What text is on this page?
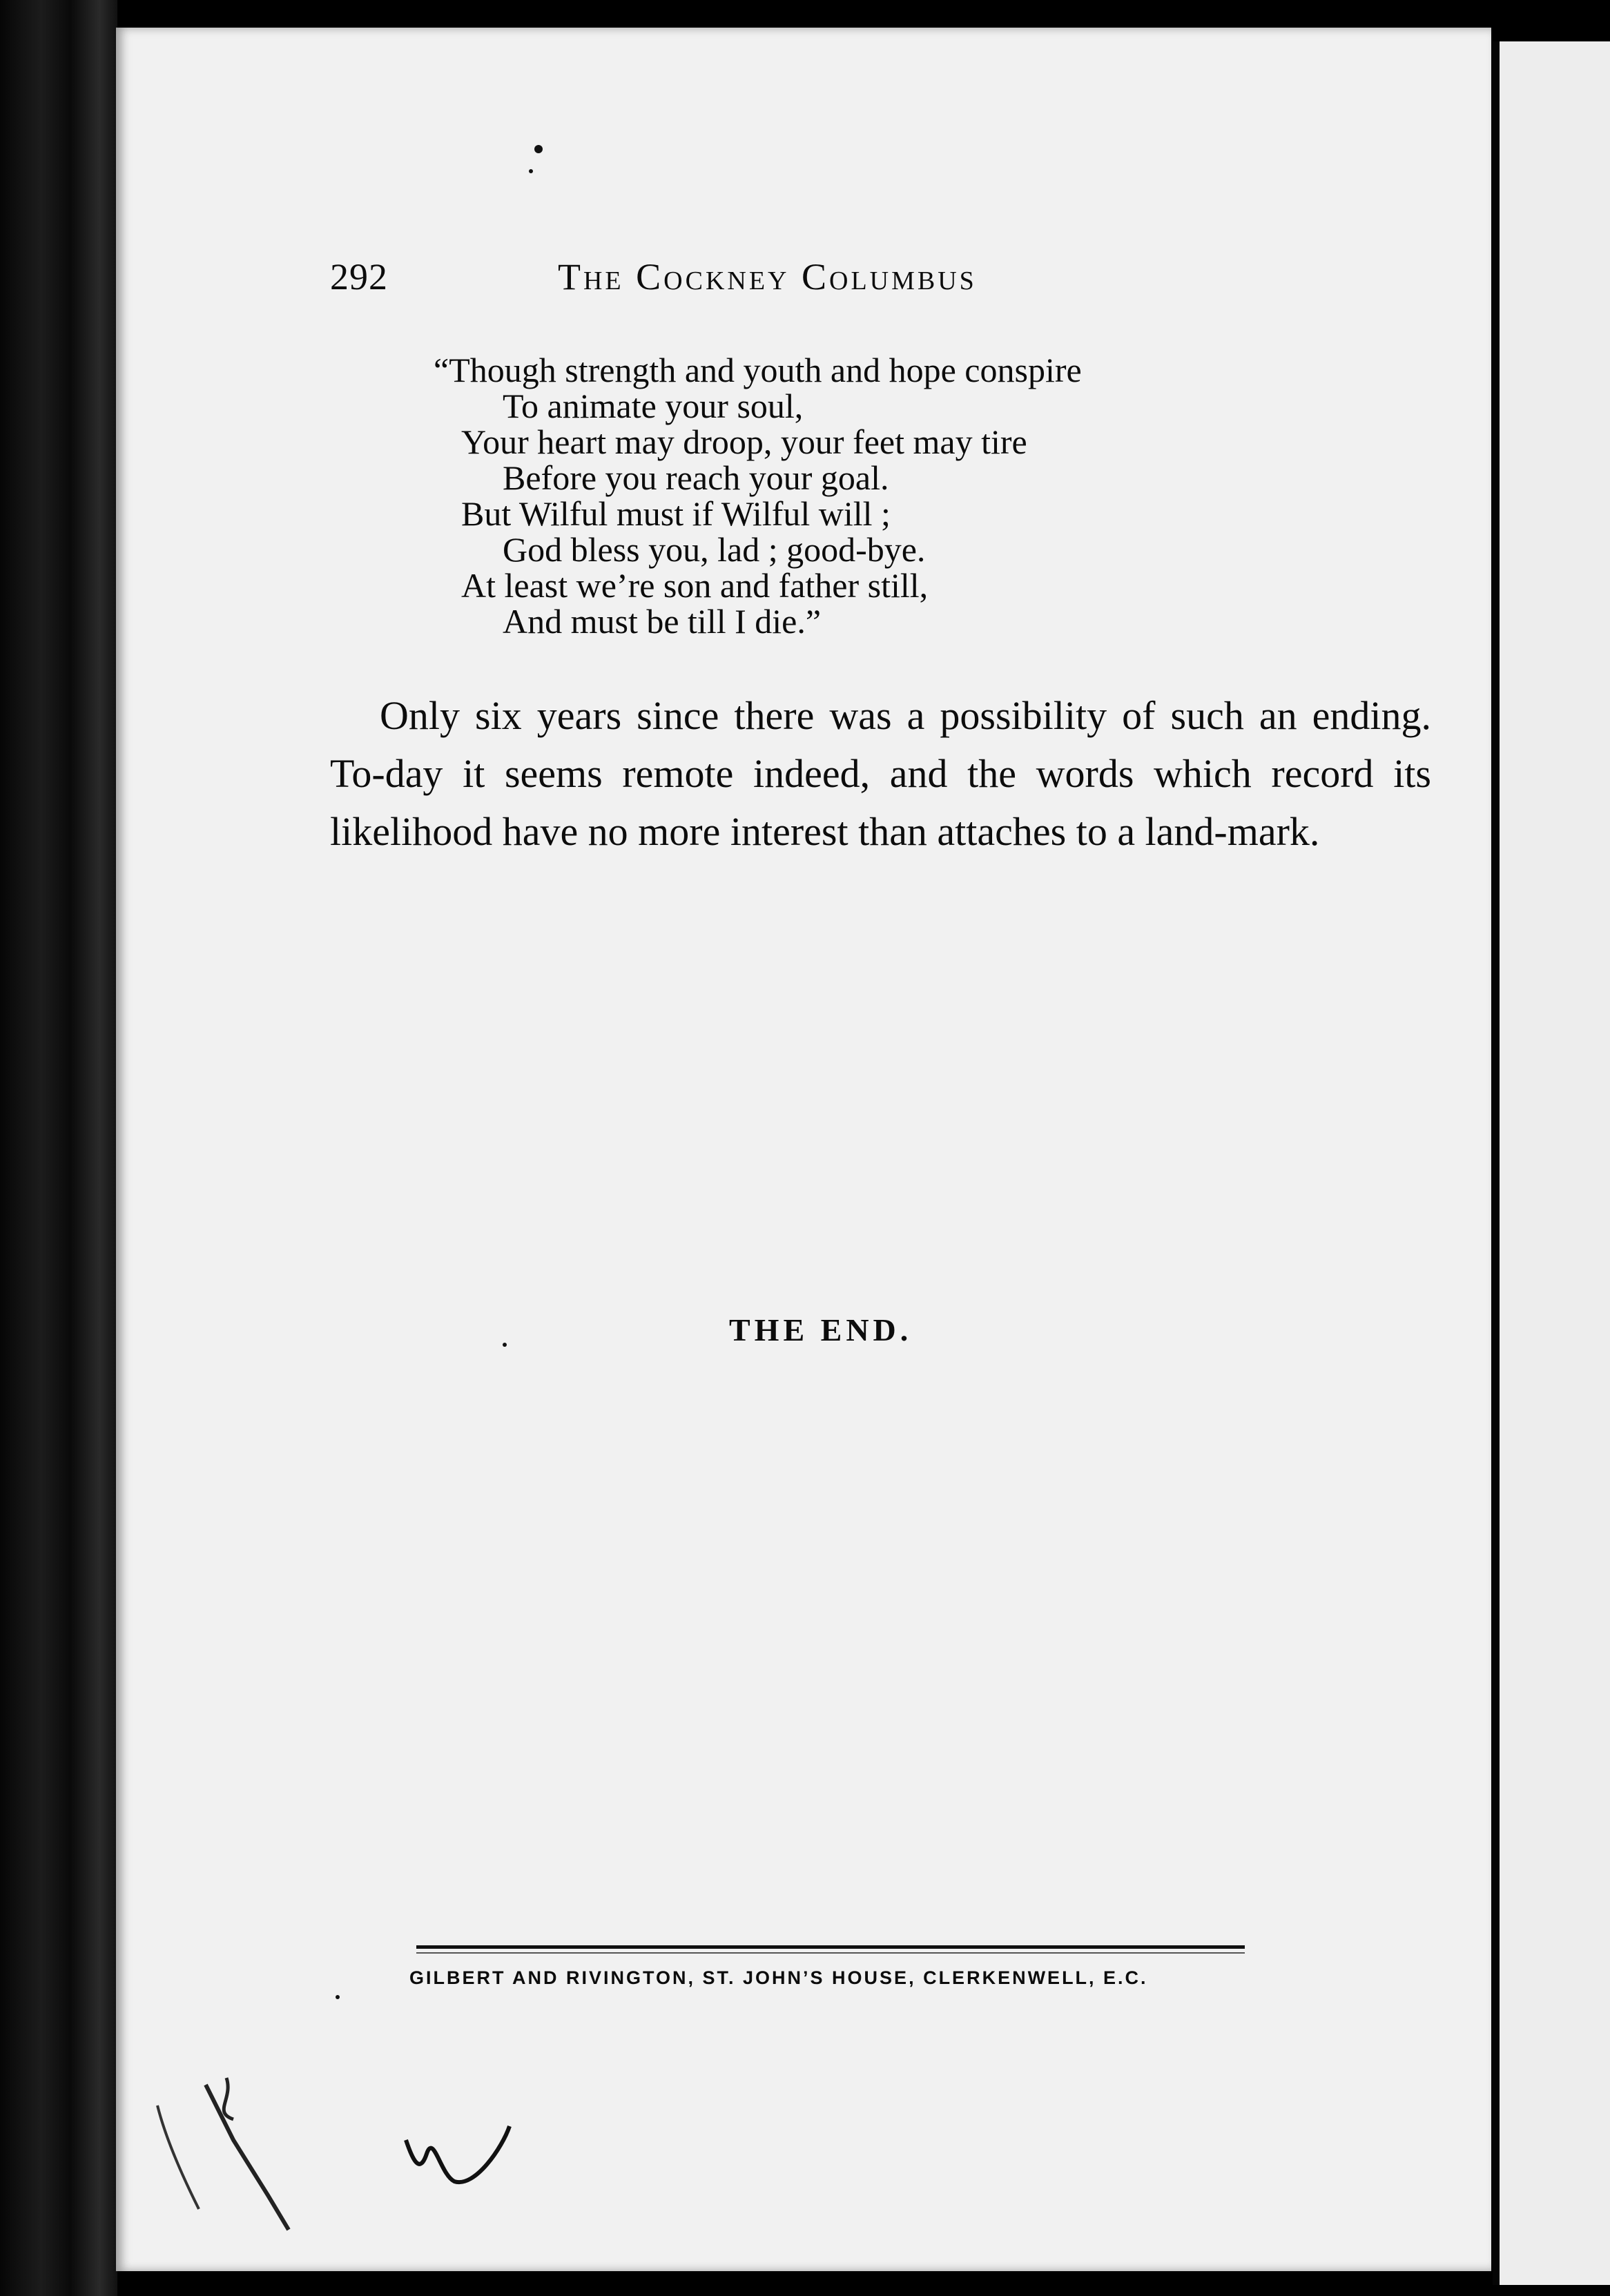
292	The Cockney Columbus
“Though strength and youth and hope conspire
To animate your soul,
Your heart may droop, your feet may tire
Before you reach your goal.
But Wilful must if Wilful will ;
God bless you, lad ; good-bye.
At least we’re son and father still,
And must be till I die.”

Only six years since there was a possibility of such an ending. To-day it seems remote indeed, and the words which record its likelihood have no more interest than attaches to a land-mark.

THE END.
GILBERT AND RIVINGTON, ST. JOHN’S HOUSE, CLERKENWELL, E.C.
